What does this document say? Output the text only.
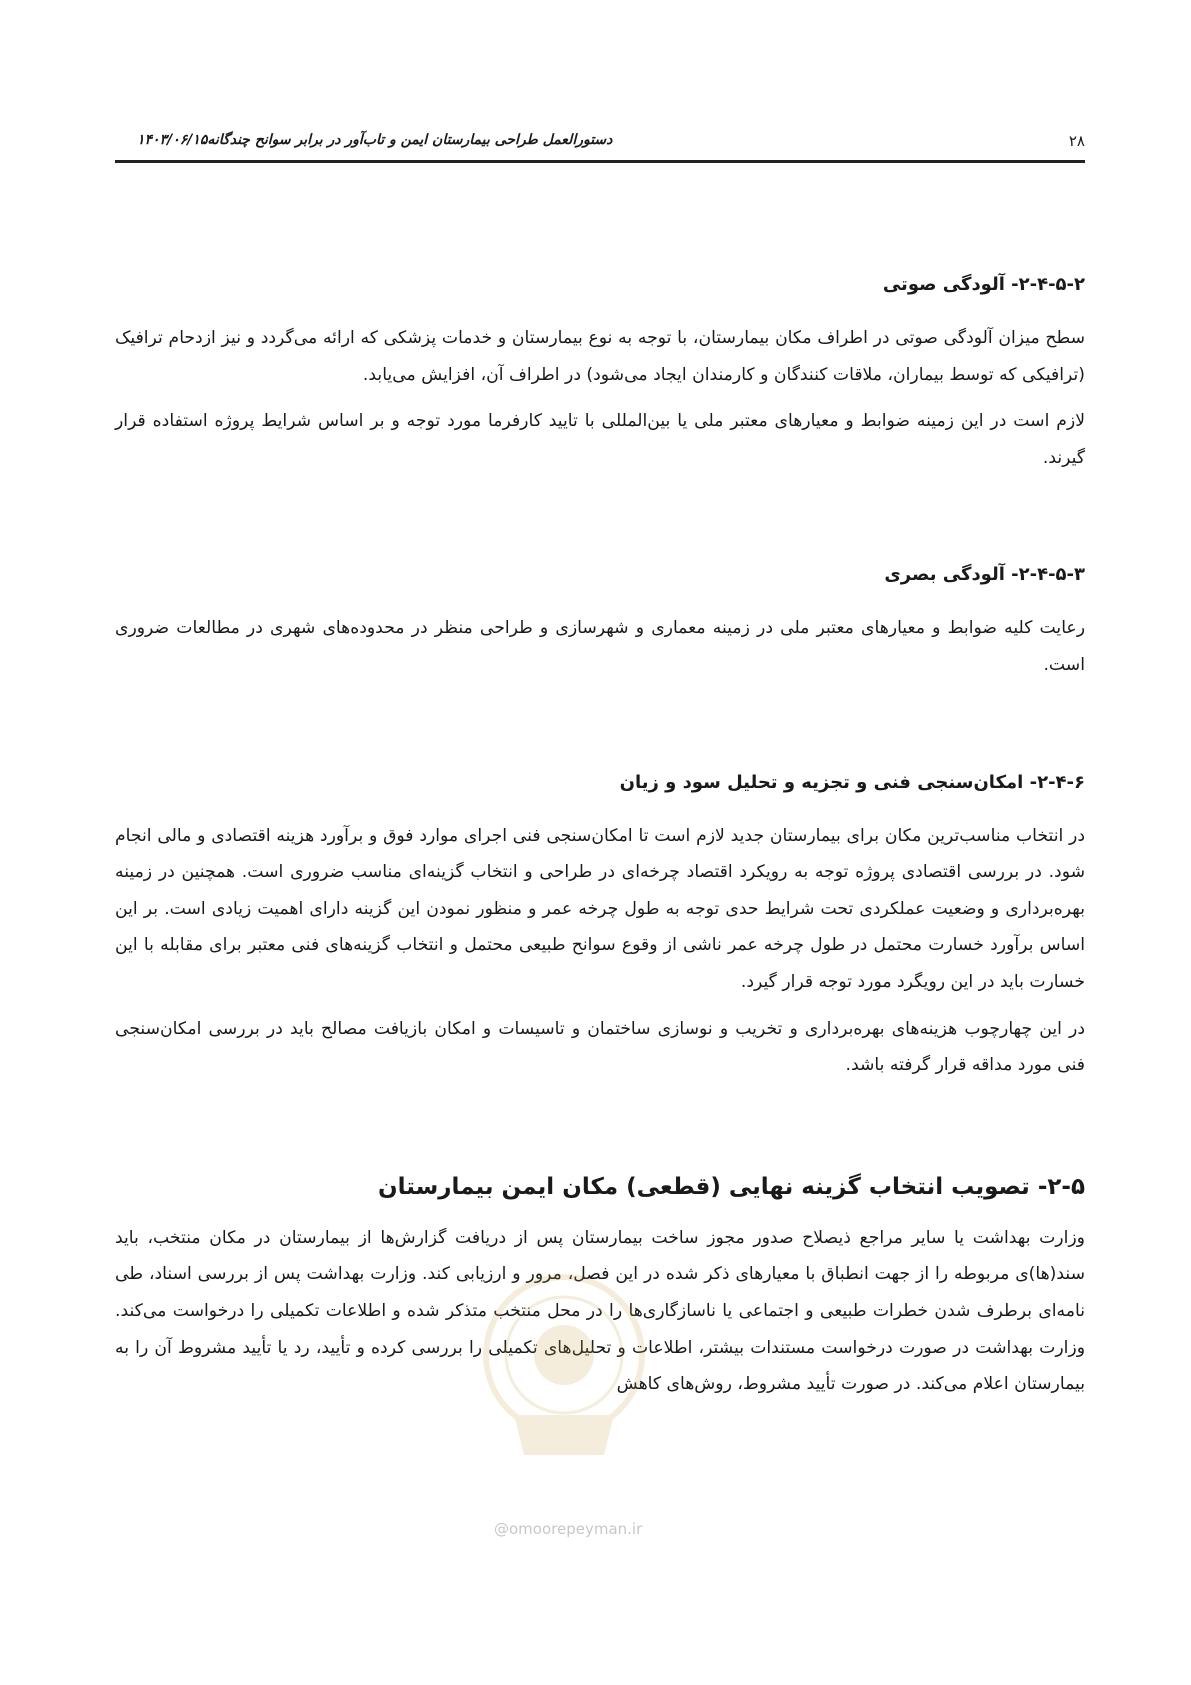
۲۸
دستورالعمل طراحی بیمارستان ایمن و تاب‌آور در برابر سوانح چندگانه۱۴۰۳/۰۶/۱۵
۲-۴-۵-۲- آلودگی صوتی

سطح میزان آلودگی صوتی در اطراف مکان بیمارستان، با توجه به نوع بیمارستان و خدمات پزشکی که ارائه می‌گردد و نیز ازدحام ترافیک (ترافیکی که توسط بیماران، ملاقات کنندگان و کارمندان ایجاد می‌شود) در اطراف آن، افزایش می‌یابد.

لازم است در این زمینه ضوابط و معیارهای معتبر ملی یا بین‌المللی با تایید کارفرما مورد توجه و بر اساس شرایط پروژه استفاده قرار گیرند.

۲-۴-۵-۳- آلودگی بصری

رعایت کلیه ضوابط و معیارهای معتبر ملی در زمینه معماری و شهرسازی و طراحی منظر در محدوده‌های شهری در مطالعات ضروری است.

۲-۴-۶- امکان‌سنجی فنی و تجزیه و تحلیل سود و زیان

در انتخاب مناسب‌ترین مکان برای بیمارستان جدید لازم است تا امکان‌سنجی فنی اجرای موارد فوق و برآورد هزینه اقتصادی و مالی انجام شود. در بررسی اقتصادی پروژه توجه به رویکرد اقتصاد چرخه‌ای در طراحی و انتخاب گزینه‌ای مناسب ضروری است. همچنین در زمینه بهره‌برداری و وضعیت عملکردی تحت شرایط حدی توجه به طول چرخه عمر و منظور نمودن این گزینه دارای اهمیت زیادی است. بر این اساس برآورد خسارت محتمل در طول چرخه عمر ناشی از وقوع سوانح طبیعی محتمل و انتخاب گزینه‌های فنی معتبر برای مقابله با این خسارت باید در این رویگرد مورد توجه قرار گیرد.

در این چهارچوب هزینه‌های بهره‌برداری و تخریب و نوسازی ساختمان و تاسیسات و امکان بازیافت مصالح باید در بررسی امکان‌سنجی فنی مورد مداقه قرار گرفته باشد.

۲-۵- تصویب انتخاب گزینه نهایی (قطعی) مکان ایمن بیمارستان

وزارت بهداشت یا سایر مراجع ذیصلاح صدور مجوز ساخت بیمارستان پس از دریافت گزارش‌ها از بیمارستان در مکان منتخب، باید سند(ها)ی مربوطه را از جهت انطباق با معیارهای ذکر شده در این فصل، مرور و ارزیابی کند. وزارت بهداشت پس از بررسی اسناد، طی نامه‌ای برطرف شدن خطرات طبیعی و اجتماعی یا ناسازگاری‌ها را در محل منتخب متذکر شده و اطلاعات تکمیلی را درخواست می‌کند. وزارت بهداشت در صورت درخواست مستندات بیشتر، اطلاعات و تحلیل‌های تکمیلی را بررسی کرده و تأیید، رد یا تأیید مشروط آن را به بیمارستان اعلام می‌کند. در صورت تأیید مشروط، روش‌های کاهش

@omoorepeyman.ir
